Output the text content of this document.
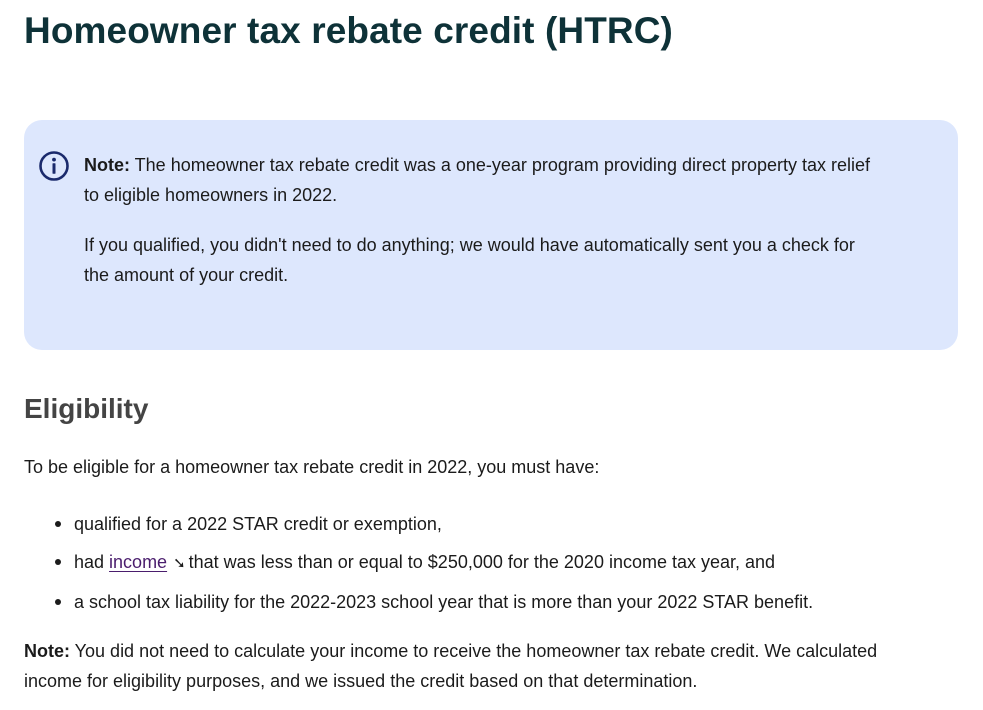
Homeowner tax rebate credit (HTRC)

Note: The homeowner tax rebate credit was a one-year program providing direct property tax relief to eligible homeowners in 2022.

If you qualified, you didn't need to do anything; we would have automatically sent you a check for the amount of your credit.

Eligibility

To be eligible for a homeowner tax rebate credit in 2022, you must have:

qualified for a 2022 STAR credit or exemption,
had income ➘ that was less than or equal to $250,000 for the 2020 income tax year, and
a school tax liability for the 2022-2023 school year that is more than your 2022 STAR benefit.

Note: You did not need to calculate your income to receive the homeowner tax rebate credit. We calculated income for eligibility purposes, and we issued the credit based on that determination.
